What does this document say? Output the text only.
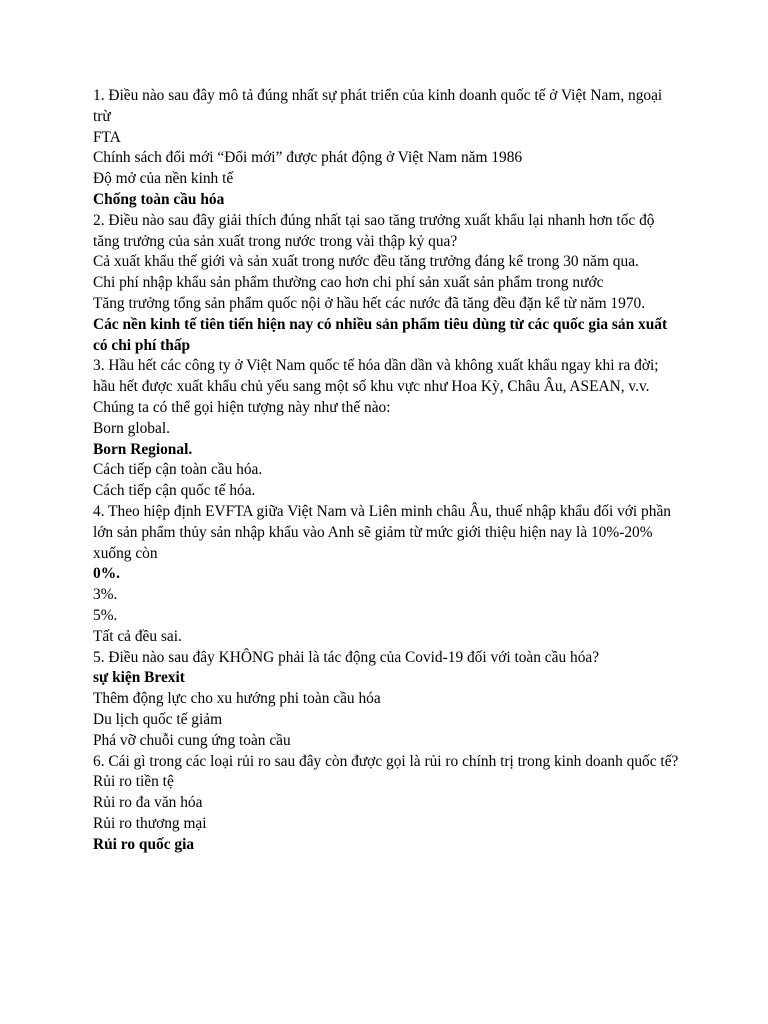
1. Điều nào sau đây mô tả đúng nhất sự phát triển của kinh doanh quốc tế ở Việt Nam, ngoại trừ
FTA
Chính sách đổi mới “Đổi mới” được phát động ở Việt Nam năm 1986
Độ mở của nền kinh tế
Chống toàn cầu hóa
2. Điều nào sau đây giải thích đúng nhất tại sao tăng trưởng xuất khẩu lại nhanh hơn tốc độ tăng trưởng của sản xuất trong nước trong vài thập kỷ qua?
Cả xuất khẩu thế giới và sản xuất trong nước đều tăng trưởng đáng kể trong 30 năm qua.
Chi phí nhập khẩu sản phẩm thường cao hơn chi phí sản xuất sản phẩm trong nước
Tăng trưởng tổng sản phẩm quốc nội ở hầu hết các nước đã tăng đều đặn kể từ năm 1970.
Các nền kinh tế tiên tiến hiện nay có nhiều sản phẩm tiêu dùng từ các quốc gia sản xuất có chi phí thấp
3. Hầu hết các công ty ở Việt Nam quốc tế hóa dần dần và không xuất khẩu ngay khi ra đời; hầu hết được xuất khẩu chủ yếu sang một số khu vực như Hoa Kỳ, Châu Âu, ASEAN, v.v. Chúng ta có thể gọi hiện tượng này như thế nào:
Born global.
Born Regional.
Cách tiếp cận toàn cầu hóa.
Cách tiếp cận quốc tế hóa.
4. Theo hiệp định EVFTA giữa Việt Nam và Liên minh châu Âu, thuế nhập khẩu đối với phần lớn sản phẩm thủy sản nhập khẩu vào Anh sẽ giảm từ mức giới thiệu hiện nay là 10%-20% xuống còn
0%.
3%.
5%.
Tất cả đều sai.
5. Điều nào sau đây KHÔNG phải là tác động của Covid-19 đối với toàn cầu hóa?
sự kiện Brexit
Thêm động lực cho xu hướng phi toàn cầu hóa
Du lịch quốc tế giảm
Phá vỡ chuỗi cung ứng toàn cầu
6. Cái gì trong các loại rủi ro sau đây còn được gọi là rủi ro chính trị trong kinh doanh quốc tế?
Rủi ro tiền tệ
Rủi ro đa văn hóa
Rủi ro thương mại
Rủi ro quốc gia
